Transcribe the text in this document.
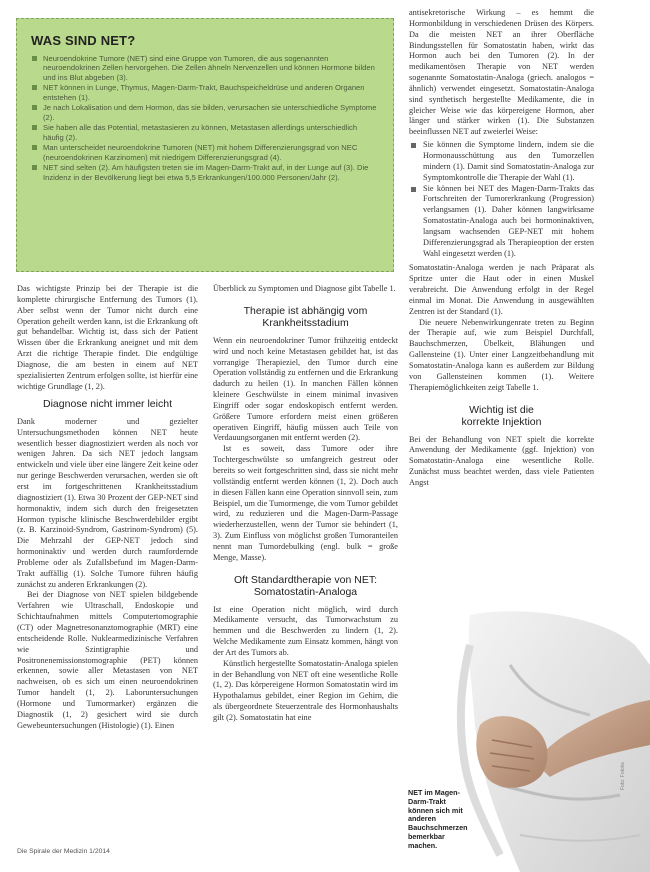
WAS SIND NET?
Neuroendokrine Tumore (NET) sind eine Gruppe von Tumoren, die aus sogenannten neuroendokrinen Zellen hervorgehen. Die Zellen ähneln Nervenzellen und können Hormone bilden und ins Blut abgeben (3).
NET können in Lunge, Thymus, Magen-Darm-Trakt, Bauchspeicheldrüse und anderen Organen entstehen (1).
Je nach Lokalisation und dem Hormon, das sie bilden, verursachen sie unterschiedliche Symptome (2).
Sie haben alle das Potential, metastasieren zu können, Metastasen allerdings unterschiedlich häufig (2).
Man unterscheidet neuroendokrine Tumoren (NET) mit hohem Differenzierungsgrad von NEC (neuroendokrinen Karzinomen) mit niedrigem Differenzierungsgrad (4).
NET sind selten (2). Am häufigsten treten sie im Magen-Darm-Trakt auf, in der Lunge auf (3). Die Inzidenz in der Bevölkerung liegt bei etwa 5,5 Erkrankungen/100.000 Personen/Jahr (2).

Das wichtigste Prinzip bei der Therapie ist die komplette chirurgische Entfernung des Tumors (1). Aber selbst wenn der Tumor nicht durch eine Operation geheilt werden kann, ist die Erkrankung oft gut behandelbar. Wichtig ist, dass sich der Patient Wissen über die Erkrankung aneignet und mit dem Arzt die richtige Therapie findet. Die endgültige Diagnose, die am besten in einem auf NET spezialisierten Zentrum erfolgen sollte, ist hierfür eine wichtige Grundlage (1, 2).

Diagnose nicht immer leicht

Dank moderner und gezielter Untersuchungsmethoden können NET heute wesentlich besser diagnostiziert werden als noch vor wenigen Jahren. Da sich NET jedoch langsam entwickeln und viele über eine längere Zeit keine oder nur geringe Beschwerden verursachen, werden sie oft erst im fortgeschrittenen Krankheitsstadium diagnostiziert (1). Etwa 30 Prozent der GEP-NET sind hormonaktiv, indem sich durch den freigesetzten Hormon typische klinische Beschwerdebilder ergibt (z. B. Karzinoid-Syndrom, Gastrinom-Syndrom) (5). Die Mehrzahl der GEP-NET jedoch sind hormoninaktiv und werden durch raumfordernde Probleme oder als Zufallsbefund im Magen-Darm-Trakt auffällig (1). Solche Tumore führen häufig zunächst zu anderen Erkrankungen (2).

Bei der Diagnose von NET spielen bildgebende Verfahren wie Ultraschall, Endoskopie und Schichtaufnahmen mittels Computertomographie (CT) oder Magnetresonanztomographie (MRT) eine entscheidende Rolle. Nuklearmedizinische Verfahren wie Szintigraphie und Positronenemissionstomographie (PET) können erkennen, sowie aller Metastasen von NET nachweisen, ob es sich um einen neuroendokrinen Tumor handelt (1, 2). Laboruntersuchungen (Hormone und Tumormarker) ergänzen die Diagnostik (1, 2) gesichert wird sie durch Gewebeuntersuchungen (Histologie) (1). Einen

Überblick zu Symptomen und Diagnose gibt Tabelle 1.

Therapie ist abhängig vom
Krankheitsstadium

Wenn ein neuroendokriner Tumor frühzeitig entdeckt wird und noch keine Metastasen gebildet hat, ist das vorrangige Therapieziel, den Tumor durch eine Operation vollständig zu entfernen und die Erkrankung dadurch zu heilen (1). In manchen Fällen können kleinere Geschwülste in einem minimal invasiven Eingriff oder sogar endoskopisch entfernt werden. Größere Tumore erfordern meist einen größeren operativen Eingriff, häufig müssen auch Teile von Verdauungsorganen mit entfernt werden (2).

Ist es soweit, dass Tumore oder ihre Tochtergeschwülste so umfangreich gestreut oder bereits so weit fortgeschritten sind, dass sie nicht mehr vollständig entfernt werden können (1, 2). Doch auch in diesen Fällen kann eine Operation sinnvoll sein, zum Beispiel, um die Tumormenge, die vom Tumor gebildet wird, zu reduzieren und die Magen-Darm-Passage wiederherzustellen, wenn der Tumor sie behindert (1, 3). Zum Einfluss von möglichst großen Tumoranteilen nennt man Tumordebulking (engl. bulk = große Menge, Masse).

Oft Standardtherapie von NET:
Somatostatin-Analoga

Ist eine Operation nicht möglich, wird durch Medikamente versucht, das Tumorwachstum zu hemmen und die Beschwerden zu lindern (1, 2). Welche Medikamente zum Einsatz kommen, hängt von der Art des Tumors ab.

Künstlich hergestellte Somatostatin-Analoga spielen in der Behandlung von NET oft eine wesentliche Rolle (1, 2). Das körpereigene Hormon Somatostatin wird im Hypothalamus gebildet, einer Region im Gehirn, die als übergeordnete Steuerzentrale des Hormonhaushalts gilt (2). Somatostatin hat eine

antisekretorische Wirkung – es hemmt die Hormonbildung in verschiedenen Drüsen des Körpers. Da die meisten NET an ihrer Oberfläche Bindungsstellen für Somatostatin haben, wirkt das Hormon auch bei den Tumoren (2). In der medikamentösen Therapie von NET werden sogenannte Somatostatin-Analoga (griech. analogos = ähnlich) verwendet eingesetzt. Somatostatin-Analoga sind synthetisch hergestellte Medikamente, die in gleicher Weise wie das körpereigene Hormon, aber länger und stärker wirken (1). Die Substanzen beeinflussen NET auf zweierlei Weise:

Sie können die Symptome lindern, indem sie die Hormonausschüttung aus den Tumorzellen mindern (1). Damit sind Somatostatin-Analoga zur Symptomkontrolle die Therapie der Wahl (1).
Sie können bei NET des Magen-Darm-Trakts das Fortschreiten der Tumorerkrankung (Progression) verlangsamen (1). Daher können langwirksame Somatostatin-Analoga auch bei hormoninaktiven, langsam wachsenden GEP-NET mit hohem Differenzierungsgrad als Therapieoption der ersten Wahl eingesetzt werden (1).

Somatostatin-Analoga werden je nach Präparat als Spritze unter die Haut oder in einen Muskel verabreicht. Die Anwendung erfolgt in der Regel einmal im Monat. Die Anwendung in ausgewählten Zentren ist der Standard (1).

Die neuere Nebenwirkungenrate treten zu Beginn der Therapie auf, wie zum Beispiel Durchfall, Bauchschmerzen, Übelkeit, Blähungen und Gallensteine (1). Unter einer Langzeitbehandlung mit Somatostatin-Analoga kann es außerdem zur Bildung von Gallensteinen kommen (1). Weitere Therapiemöglichkeiten zeigt Tabelle 1.

Wichtig ist die
korrekte Injektion

Bei der Behandlung von NET spielt die korrekte Anwendung der Medikamente (ggf. Injektion) von Somatostatin-Analoga eine wesentliche Rolle. Zunächst muss beachtet werden, dass viele Patienten Angst

NET im Magen-Darm-Trakt können sich mit anderen Bauchschmerzen bemerkbar machen.
Foto: Fotolia
Die Spirale der Medizin 1/2014
